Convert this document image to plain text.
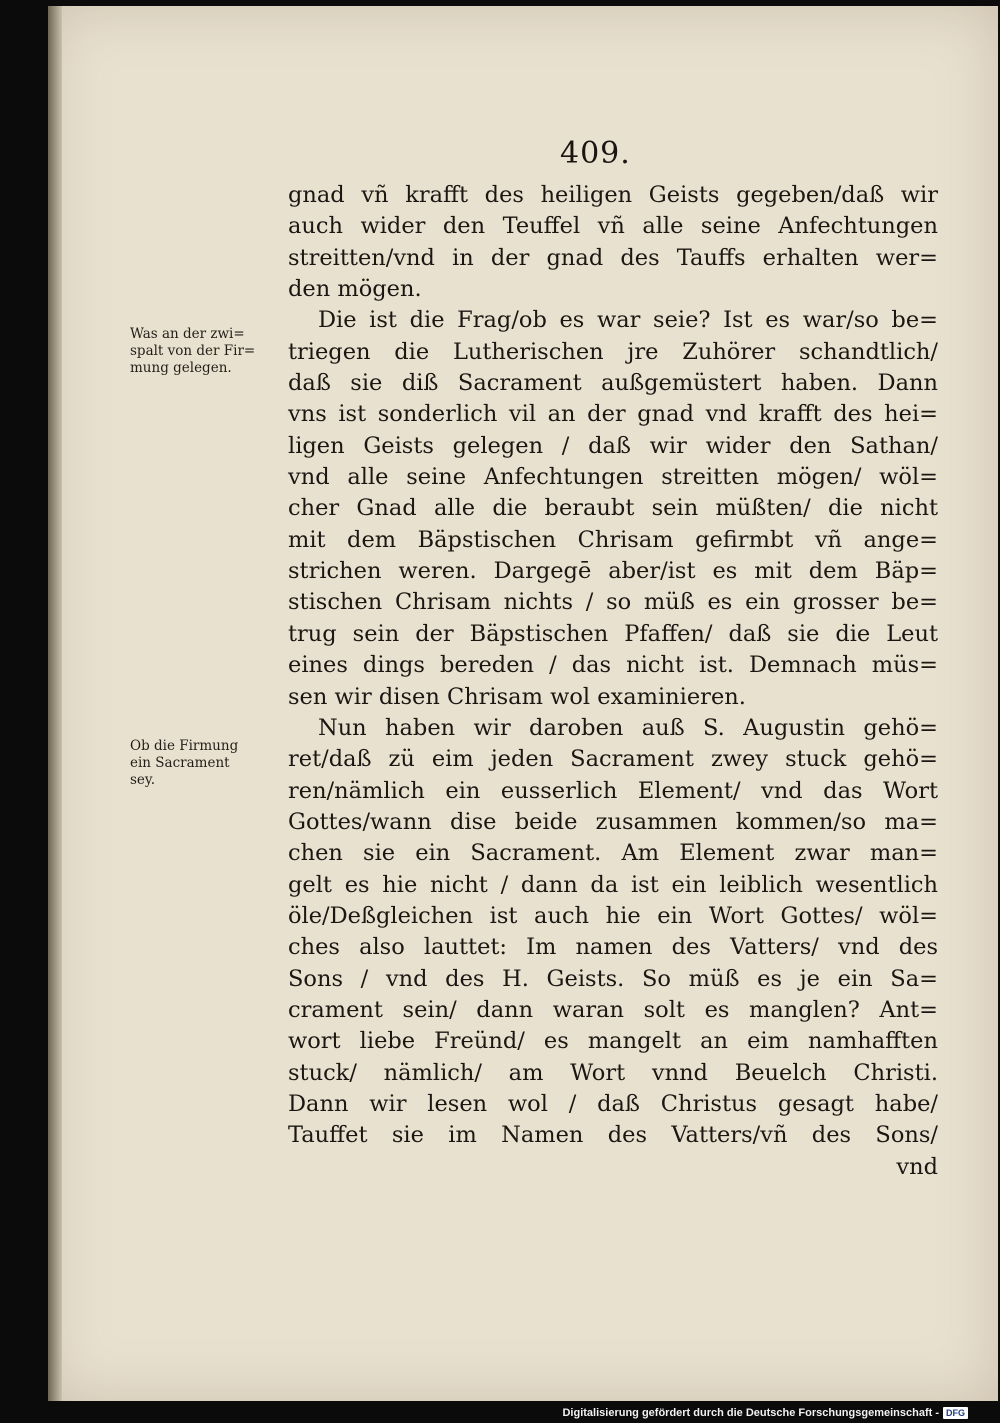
409.
gnad vñ krafft des heiligen Geists gegeben/daß wir
auch wider den Teuffel vñ alle seine Anfechtungen
streitten/vnd in der gnad des Tauffs erhalten wer=
den mögen.
Die ist die Frag/ob es war seie? Ist es war/so be=
triegen die Lutherischen jre Zuhörer schandtlich/
daß sie diß Sacrament außgemüstert haben. Dann
vns ist sonderlich vil an der gnad vnd krafft des hei=
ligen Geists gelegen / daß wir wider den Sathan/
vnd alle seine Anfechtungen streitten mögen/ wöl=
cher Gnad alle die beraubt sein müßten/ die nicht
mit dem Bäpstischen Chrisam gefirmbt vñ ange=
strichen weren. Dargegē aber/ist es mit dem Bäp=
stischen Chrisam nichts / so müß es ein grosser be=
trug sein der Bäpstischen Pfaffen/ daß sie die Leut
eines dings bereden / das nicht ist. Demnach müs=
sen wir disen Chrisam wol examinieren.
Nun haben wir daroben auß S. Augustin gehö=
ret/daß zü eim jeden Sacrament zwey stuck gehö=
ren/nämlich ein eusserlich Element/ vnd das Wort
Gottes/wann dise beide zusammen kommen/so ma=
chen sie ein Sacrament. Am Element zwar man=
gelt es hie nicht / dann da ist ein leiblich wesentlich
öle/Deßgleichen ist auch hie ein Wort Gottes/ wöl=
ches also lauttet: Im namen des Vatters/ vnd des
Sons / vnd des H. Geists. So müß es je ein Sa=
crament sein/ dann waran solt es manglen? Ant=
wort liebe Freünd/ es mangelt an eim namhafften
stuck/ nämlich/ am Wort vnnd Beuelch Christi.
Dann wir lesen wol / daß Christus gesagt habe/
Tauffet sie im Namen des Vatters/vñ des Sons/
vnd
Was an der zwi=
spalt von der Fir=
mung gelegen.
Ob die Firmung
ein Sacrament
sey.
Digitalisierung gefördert durch die Deutsche Forschungsgemeinschaft - DFG
